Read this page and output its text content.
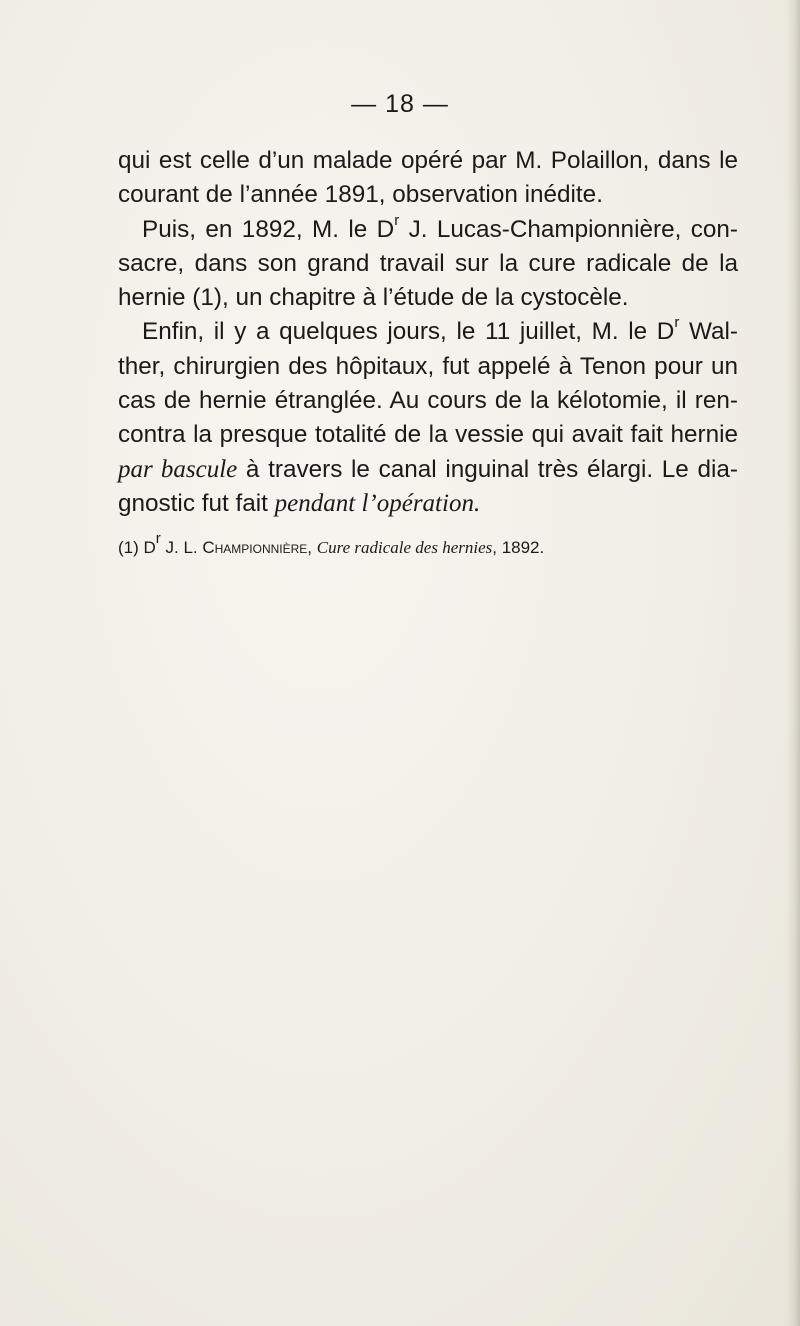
— 18 —
qui est celle d’un malade opéré par M. Polaillon, dans le
courant de l’année 1891, observation inédite.
Puis, en 1892, M. le $D^r$ J. Lucas-Championnière, con-
sacre, dans son grand travail sur la cure radicale de la
hernie (1), un chapitre à l’étude de la cystocèle.
Enfin, il y a quelques jours, le 11 juillet, M. le $D^r$ Wal-
ther, chirurgien des hôpitaux, fut appelé à Tenon pour un
cas de hernie étranglée. Au cours de la kélotomie, il ren-
contra la presque totalité de la vessie qui avait fait hernie
par bascule à travers le canal inguinal très élargi. Le dia-
gnostic fut fait pendant l’opération.
(1) $D^r$ J. L. Championnière, Cure radicale des hernies, 1892.
